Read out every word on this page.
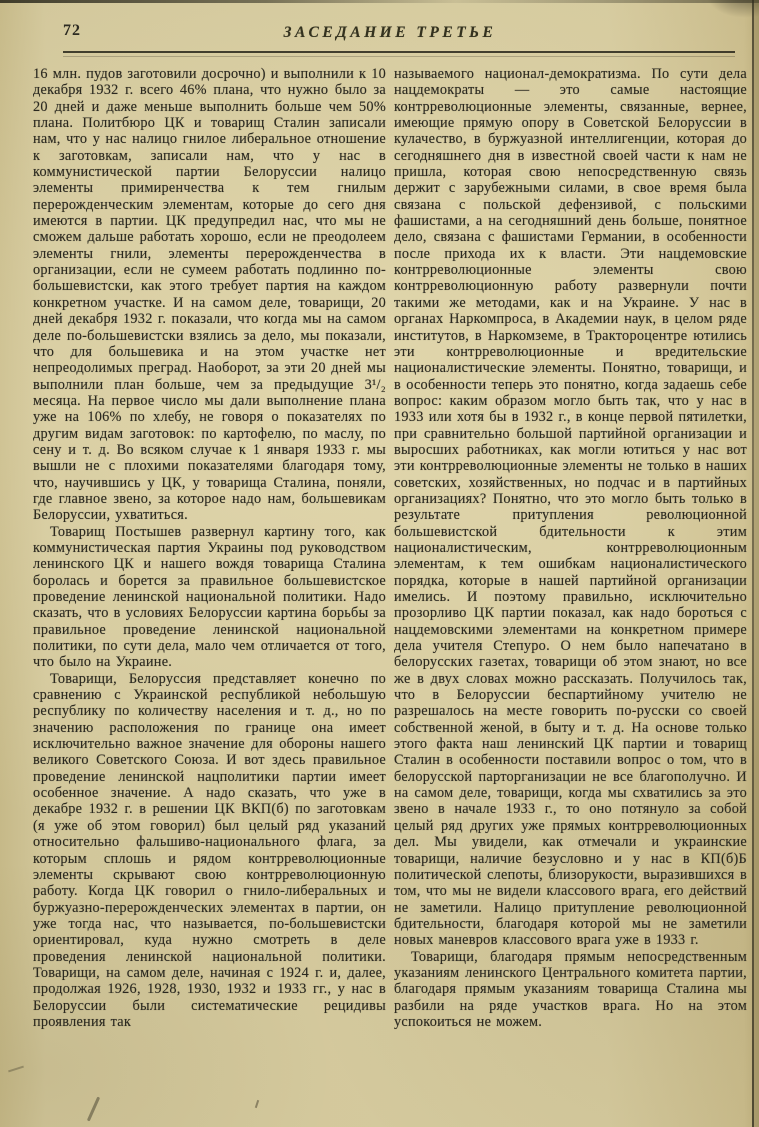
72	ЗАСЕДАНИЕ ТРЕТЬЕ

16 млн. пудов заготовили досрочно) и выполнили к 10 декабря 1932 г. всего 46% плана, что нужно было за 20 дней и даже меньше выполнить больше чем 50% плана. Политбюро ЦК и товарищ Сталин записали нам, что у нас налицо гнилое либеральное отношение к заготовкам, записали нам, что у нас в коммунистической партии Белоруссии налицо элементы примиренчества к тем гнилым перерожденческим элементам, которые до сего дня имеются в партии. ЦК предупредил нас, что мы не сможем дальше работать хорошо, если не преодолеем элементы гнили, элементы перерожденчества в организации, если не сумеем работать подлинно по-большевистски, как этого требует партия на каждом конкретном участке. И на самом деле, товарищи, 20 дней декабря 1932 г. показали, что когда мы на самом деле по-большевистски взялись за дело, мы показали, что для большевика и на этом участке нет непреодолимых преград. Наоборот, за эти 20 дней мы выполнили план больше, чем за предыдущие 3¹/₂ месяца. На первое число мы дали выполнение плана уже на 106% по хлебу, не говоря о показателях по другим видам заготовок: по картофелю, по маслу, по сену и т. д. Во всяком случае к 1 января 1933 г. мы вышли не с плохими показателями благодаря тому, что, научившись у ЦК, у товарища Сталина, поняли, где главное звено, за которое надо нам, большевикам Белоруссии, ухватиться.

Товарищ Постышев развернул картину того, как коммунистическая партия Украины под руководством ленинского ЦК и нашего вождя товарища Сталина боролась и борется за правильное большевистское проведение ленинской национальной политики. Надо сказать, что в условиях Белоруссии картина борьбы за правильное проведение ленинской национальной политики, по сути дела, мало чем отличается от того, что было на Украине.

Товарищи, Белоруссия представляет конечно по сравнению с Украинской республикой небольшую республику по количеству населения и т. д., но по значению расположения по границе она имеет исключительно важное значение для обороны нашего великого Советского Союза. И вот здесь правильное проведение ленинской нацполитики партии имеет особенное значение. А надо сказать, что уже в декабре 1932 г. в решении ЦК ВКП(б) по заготовкам (я уже об этом говорил) был целый ряд указаний относительно фальшиво-национального флага, за которым сплошь и рядом контрреволюционные элементы скрывают свою контрреволюционную работу. Когда ЦК говорил о гнило-либеральных и буржуазно-перерожденческих элементах в партии, он уже тогда нас, что называется, по-большевистски ориентировал, куда нужно смотреть в деле проведения ленинской национальной политики. Товарищи, на самом деле, начиная с 1924 г. и, далее, продолжая 1926, 1928, 1930, 1932 и 1933 гг., у нас в Белоруссии были систематические рецидивы проявления так

называемого национал-демократизма. По сути дела нацдемократы — это самые настоящие контрреволюционные элементы, связанные, вернее, имеющие прямую опору в Советской Белоруссии в кулачество, в буржуазной интеллигенции, которая до сегодняшнего дня в известной своей части к нам не пришла, которая свою непосредственную связь держит с зарубежными силами, в свое время была связана с польской дефензивой, с польскими фашистами, а на сегодняшний день больше, понятное дело, связана с фашистами Германии, в особенности после прихода их к власти. Эти нацдемовские контрреволюционные элементы свою контрреволюционную работу развернули почти такими же методами, как и на Украине. У нас в органах Наркомпроса, в Академии наук, в целом ряде институтов, в Наркомземе, в Трактороцентре ютились эти контрреволюционные и вредительские националистические элементы. Понятно, товарищи, и в особенности теперь это понятно, когда задаешь себе вопрос: каким образом могло быть так, что у нас в 1933 или хотя бы в 1932 г., в конце первой пятилетки, при сравнительно большой партийной организации и выросших работниках, как могли ютиться у нас вот эти контрреволюционные элементы не только в наших советских, хозяйственных, но подчас и в партийных организациях? Понятно, что это могло быть только в результате притупления революционной большевистской бдительности к этим националистическим, контрреволюционным элементам, к тем ошибкам националистического порядка, которые в нашей партийной организации имелись. И поэтому правильно, исключительно прозорливо ЦК партии показал, как надо бороться с нацдемовскими элементами на конкретном примере дела учителя Степуро. О нем было напечатано в белорусских газетах, товарищи об этом знают, но все же в двух словах можно рассказать. Получилось так, что в Белоруссии беспартийному учителю не разрешалось на месте говорить по-русски со своей собственной женой, в быту и т. д. На основе только этого факта наш ленинский ЦК партии и товарищ Сталин в особенности поставили вопрос о том, что в белорусской парторганизации не все благополучно. И на самом деле, товарищи, когда мы схватились за это звено в начале 1933 г., то оно потянуло за собой целый ряд других уже прямых контрреволюционных дел. Мы увидели, как отмечали и украинские товарищи, наличие безусловно и у нас в КП(б)Б политической слепоты, близорукости, выразившихся в том, что мы не видели классового врага, его действий не заметили. Налицо притупление революционной бдительности, благодаря которой мы не заметили новых маневров классового врага уже в 1933 г.

Товарищи, благодаря прямым непосредственным указаниям ленинского Центрального комитета партии, благодаря прямым указаниям товарища Сталина мы разбили на ряде участков врага. Но на этом успокоиться не можем.
